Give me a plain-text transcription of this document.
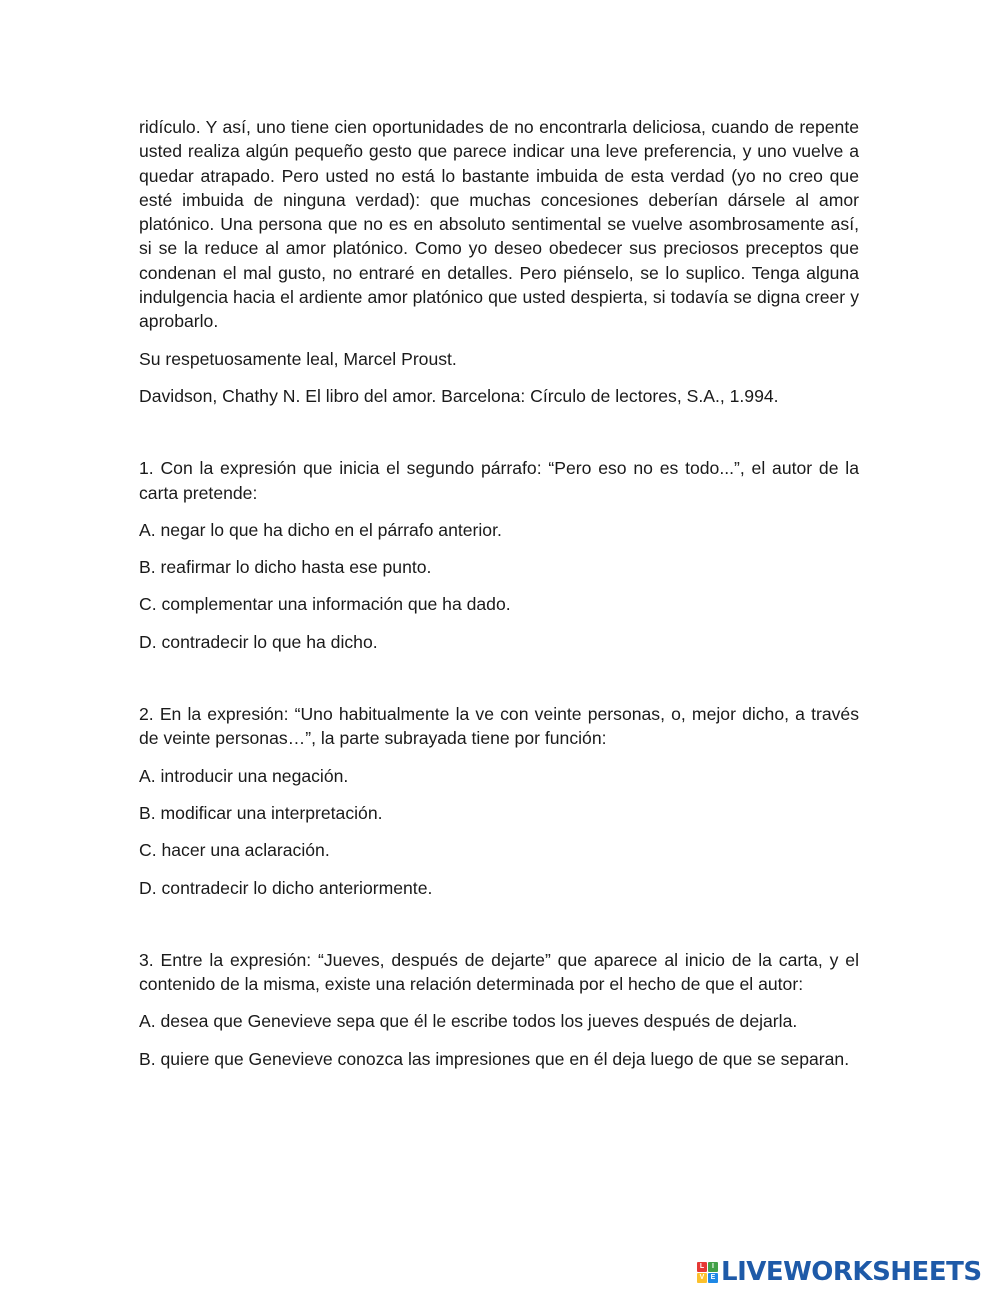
ridículo. Y así, uno tiene cien oportunidades de no encontrarla deliciosa, cuando de repente usted realiza algún pequeño gesto que parece indicar una leve preferencia, y uno vuelve a quedar atrapado. Pero usted no está lo bastante imbuida de esta verdad (yo no creo que esté imbuida de ninguna verdad): que muchas concesiones deberían dársele al amor platónico. Una persona que no es en absoluto sentimental se vuelve asombrosamente así, si se la reduce al amor platónico. Como yo deseo obedecer sus preciosos preceptos que condenan el mal gusto, no entraré en detalles. Pero piénselo, se lo suplico. Tenga alguna indulgencia hacia el ardiente amor platónico que usted despierta, si todavía se digna creer y aprobarlo.

Su respetuosamente leal, Marcel Proust.

Davidson, Chathy N. El libro del amor. Barcelona: Círculo de lectores, S.A., 1.994.

1. Con la expresión que inicia el segundo párrafo: “Pero eso no es todo...”, el autor de la carta pretende:

A. negar lo que ha dicho en el párrafo anterior.

B. reafirmar lo dicho hasta ese punto.

C. complementar una información que ha dado.

D. contradecir lo que ha dicho.

2. En la expresión: “Uno habitualmente la ve con veinte personas, o, mejor dicho, a través de veinte personas…”, la parte subrayada tiene por función:

A. introducir una negación.

B. modificar una interpretación.

C. hacer una aclaración.

D. contradecir lo dicho anteriormente.

3. Entre la expresión: “Jueves, después de dejarte” que aparece al inicio de la carta, y el contenido de la misma, existe una relación determinada por el hecho de que el autor:

A. desea que Genevieve sepa que él le escribe todos los jueves después de dejarla.

B. quiere que Genevieve conozca las impresiones que en él deja luego de que se separan.

L	I
V E LIVEWORKSHEETS
